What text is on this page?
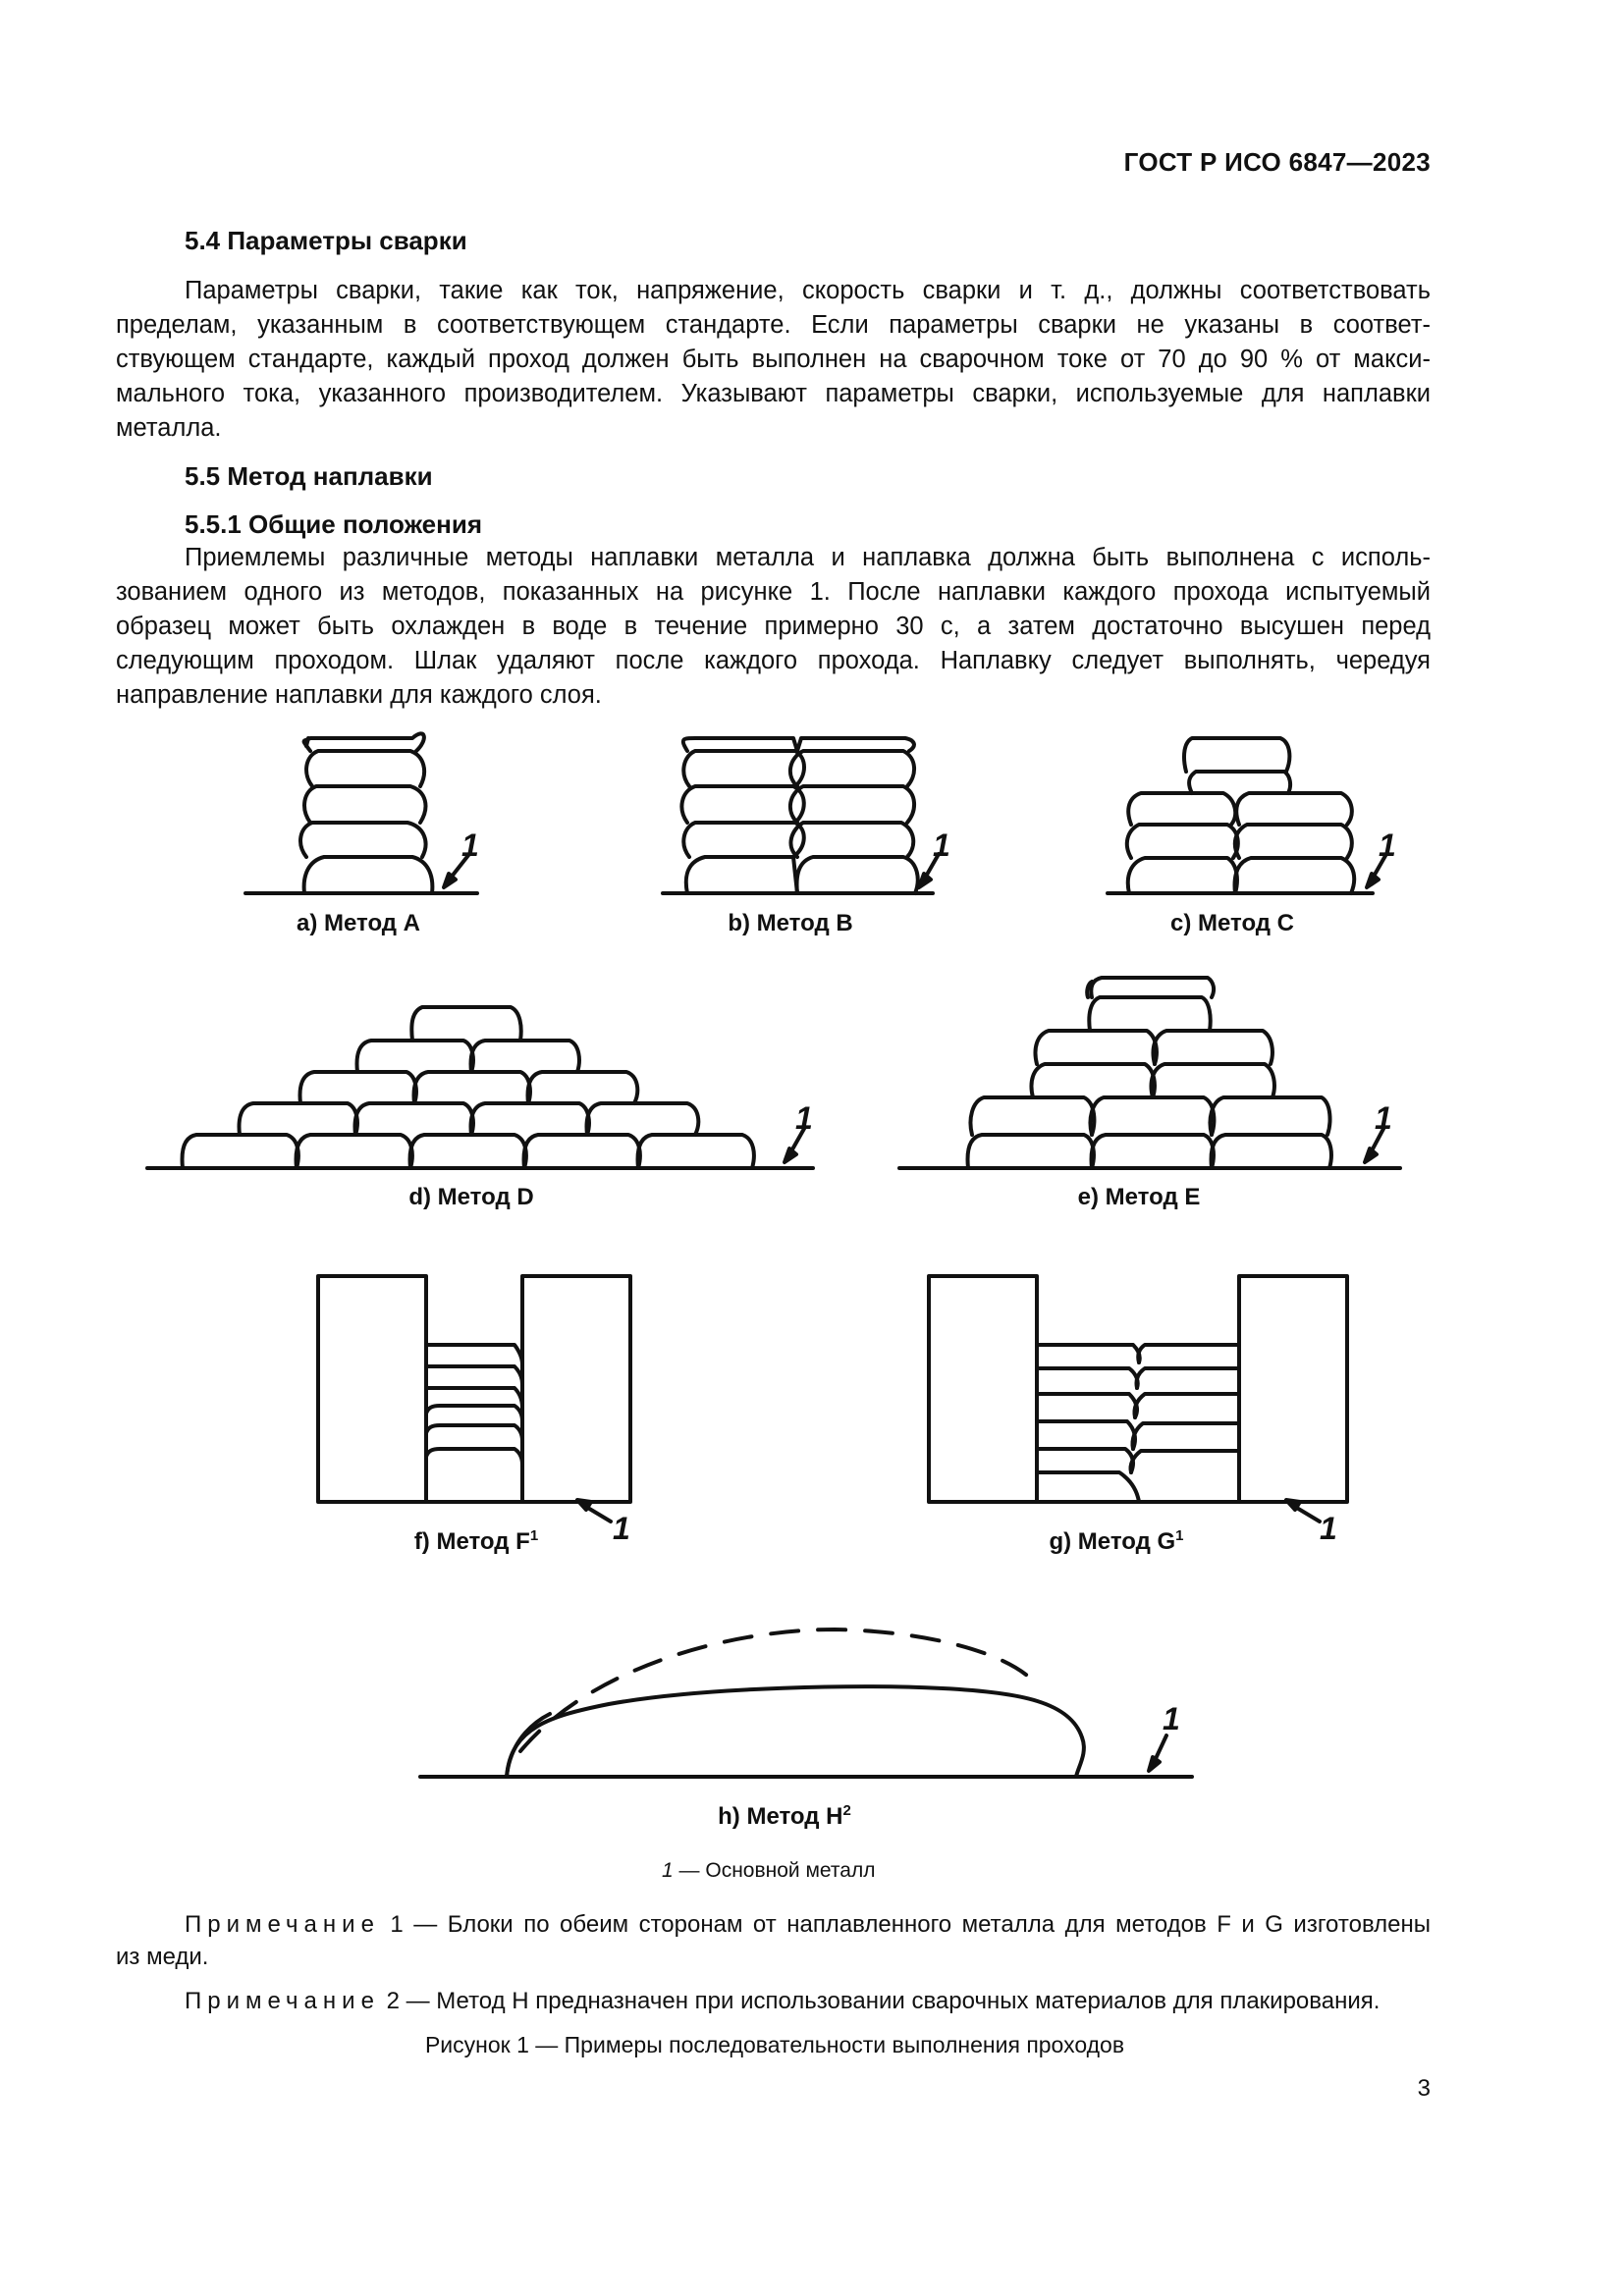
ГОСТ Р ИСО 6847—2023
5.4 Параметры сварки
Параметры сварки, такие как ток, напряжение, скорость сварки и т. д., должны соответствовать
пределам, указанным в соответствующем стандарте. Если параметры сварки не указаны в соответ-
ствующем стандарте, каждый проход должен быть выполнен на сварочном токе от 70 до 90 % от макси-
мального тока, указанного производителем. Указывают параметры сварки, используемые для наплавки
металла.
5.5 Метод наплавки
5.5.1 Общие положения
Приемлемы различные методы наплавки металла и наплавка должна быть выполнена с исполь-
зованием одного из методов, показанных на рисунке 1. После наплавки каждого прохода испытуемый
образец может быть охлажден в воде в течение примерно 30 с, а затем достаточно высушен перед
следующим проходом. Шлак удаляют после каждого прохода. Наплавку следует выполнять, чередуя
направление наплавки для каждого слоя.
1	1	1
1	1
1	1
1
a) Метод A	b) Метод B	c) Метод C
d) Метод D	e) Метод E
f) Метод $F^1$	g) Метод $G^1$
h) Метод $H^2$
1 — Основной металл
Примечание 1 — Блоки по обеим сторонам от наплавленного металла для методов F и G изготовлены
из меди.
Примечание 2 — Метод H предназначен при использовании сварочных материалов для плакирования.
Рисунок 1 — Примеры последовательности выполнения проходов
3
